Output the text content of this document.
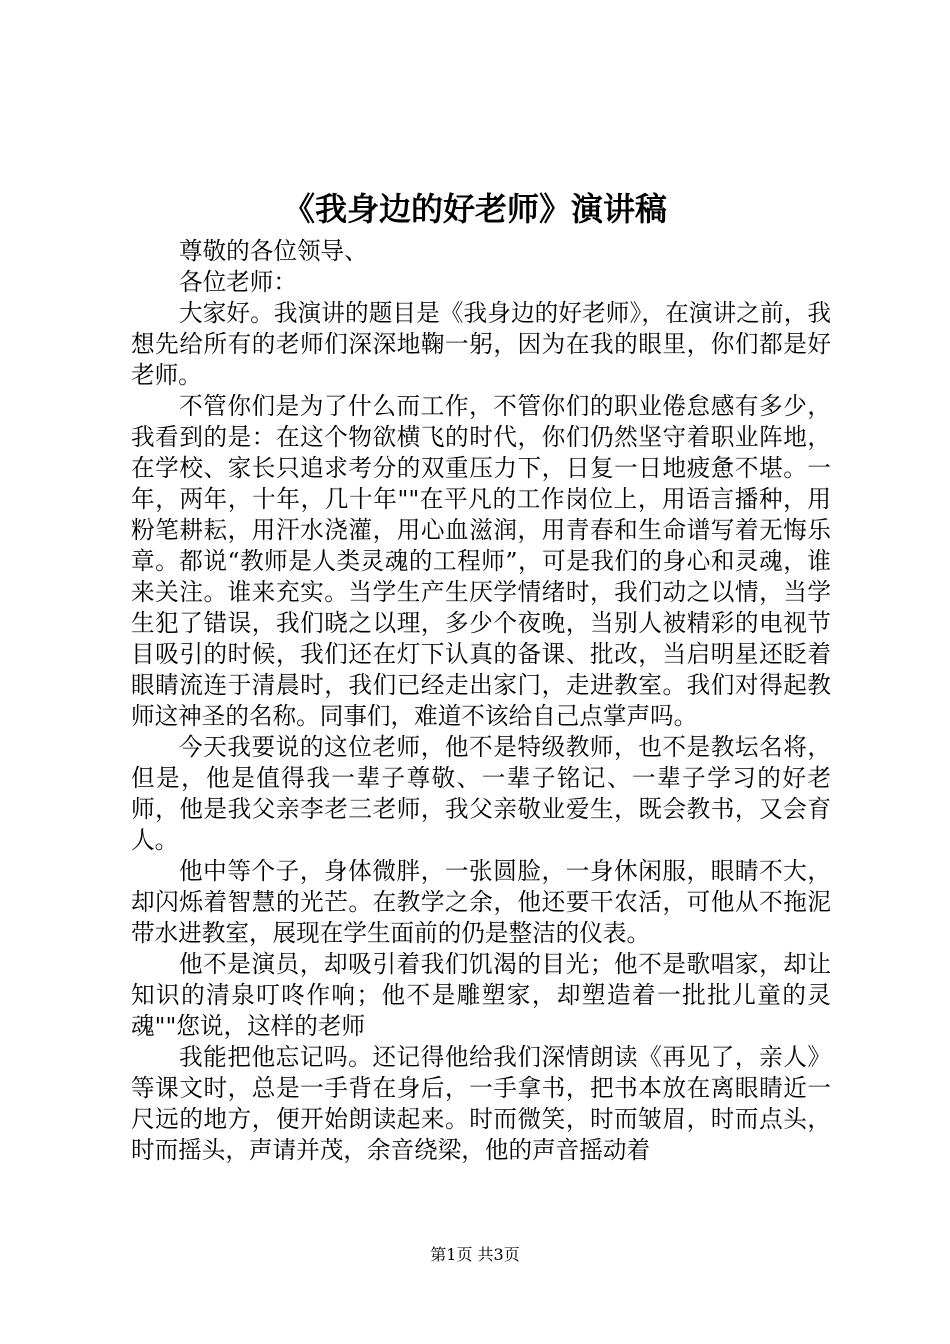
《我身边的好老师》演讲稿

尊敬的各位领导、

各位老师：

大家好。我演讲的题目是《我身边的好老师》，在演讲之前，我想先给所有的老师们深深地鞠一躬，因为在我的眼里，你们都是好老师。

不管你们是为了什么而工作，不管你们的职业倦怠感有多少，我看到的是：在这个物欲横飞的时代，你们仍然坚守着职业阵地，在学校、家长只追求考分的双重压力下，日复一日地疲惫不堪。一年，两年，十年，几十年""在平凡的工作岗位上，用语言播种，用粉笔耕耘，用汗水浇灌，用心血滋润，用青春和生命谱写着无悔乐章。都说“教师是人类灵魂的工程师”，可是我们的身心和灵魂，谁来关注。谁来充实。当学生产生厌学情绪时，我们动之以情，当学生犯了错误，我们晓之以理，多少个夜晚，当别人被精彩的电视节目吸引的时候，我们还在灯下认真的备课、批改，当启明星还眨着眼睛流连于清晨时，我们已经走出家门，走进教室。我们对得起教师这神圣的名称。同事们，难道不该给自己点掌声吗。

今天我要说的这位老师，他不是特级教师，也不是教坛名将，但是，他是值得我一辈子尊敬、一辈子铭记、一辈子学习的好老师，他是我父亲李老三老师，我父亲敬业爱生，既会教书，又会育人。

他中等个子，身体微胖，一张圆脸，一身休闲服，眼睛不大，却闪烁着智慧的光芒。在教学之余，他还要干农活，可他从不拖泥带水进教室，展现在学生面前的仍是整洁的仪表。

他不是演员，却吸引着我们饥渴的目光；他不是歌唱家，却让知识的清泉叮咚作响；他不是雕塑家，却塑造着一批批儿童的灵魂""您说，这样的老师

我能把他忘记吗。还记得他给我们深情朗读《再见了，亲人》等课文时，总是一手背在身后，一手拿书，把书本放在离眼睛近一尺远的地方，便开始朗读起来。时而微笑，时而皱眉，时而点头，时而摇头，声请并茂，余音绕梁，他的声音摇动着

第1页 共3页
